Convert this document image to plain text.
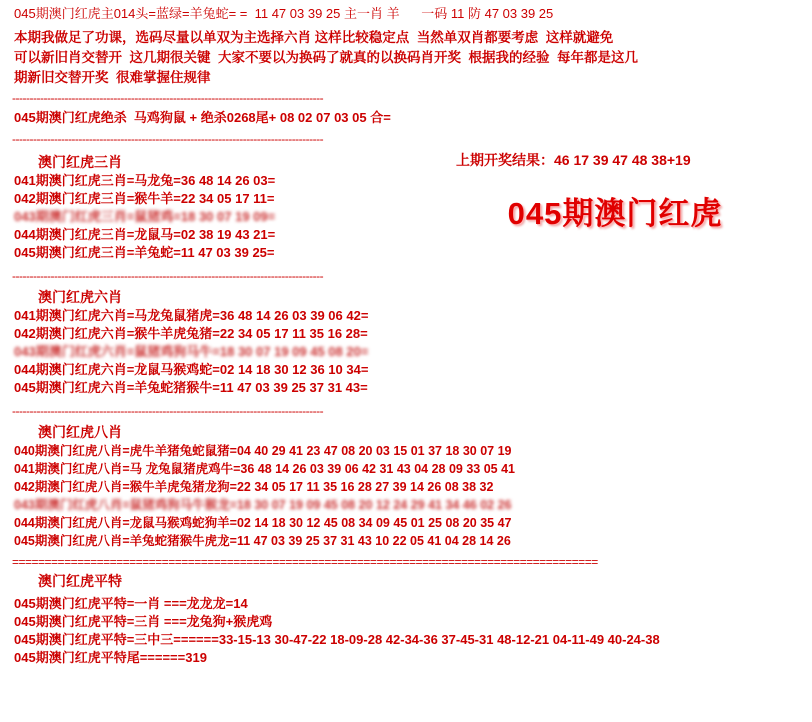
045期澳门红虎主014头=蓝绿=羊兔蛇= =  11 47 03 39 25 主一肖 羊      一码 11 防 47 03 39 25
本期我做足了功课，选码尽量以单双为主选择六肖 这样比较稳定点  当然单双肖都要考虑  这样就避免
可以新旧肖交替开  这几期很关键  大家不要以为换码了就真的以换码肖开奖  根据我的经验  每年都是这几
期新旧交替开奖  很难掌握住规律
-----------------------------------------------------------------------------------------
045期澳门红虎绝杀  马鸡狗鼠 + 绝杀0268尾+ 08 02 07 03 05 合=
-----------------------------------------------------------------------------------------
上期开奖结果：46 17 39 47 48 38+19
045期澳门红虎
澳门红虎三肖
041期澳门红虎三肖=马龙兔=36 48 14 26 03=
042期澳门红虎三肖=猴牛羊=22 34 05 17 11=
043期澳门红虎三肖=鼠猪鸡=18 30 07 19 09=
044期澳门红虎三肖=龙鼠马=02 38 19 43 21=
045期澳门红虎三肖=羊兔蛇=11 47 03 39 25=
-----------------------------------------------------------------------------------------
澳门红虎六肖
041期澳门红虎六肖=马龙兔鼠猪虎=36 48 14 26 03 39 06 42=
042期澳门红虎六肖=猴牛羊虎兔猪=22 34 05 17 11 35 16 28=
043期澳门红虎六肖=鼠猪鸡狗马牛=18 30 07 19 09 45 08 20=
044期澳门红虎六肖=龙鼠马猴鸡蛇=02 14 18 30 12 36 10 34=
045期澳门红虎六肖=羊兔蛇猪猴牛=11 47 03 39 25 37 31 43=
-----------------------------------------------------------------------------------------
澳门红虎八肖
040期澳门红虎八肖=虎牛羊猪兔蛇鼠猪=04 40 29 41 23 47 08 20 03 15 01 37 18 30 07 19
041期澳门红虎八肖=马 龙兔鼠猪虎鸡牛=36 48 14 26 03 39 06 42 31 43 04 28 09 33 05 41
042期澳门红虎八肖=猴牛羊虎兔猪龙狗=22 34 05 17 11 35 16 28 27 39 14 26 08 38 32
043期澳门红虎八肖=鼠猪鸡狗马牛猴龙=18 30 07 19 09 45 08 20 12 24 29 41 34 46 02 26
044期澳门红虎八肖=龙鼠马猴鸡蛇狗羊=02 14 18 30 12 45 08 34 09 45 01 25 08 20 35 47
045期澳门红虎八肖=羊兔蛇猪猴牛虎龙=11 47 03 39 25 37 31 43 10 22 05 41 04 28 14 26
==========================================================================================
澳门红虎平特
045期澳门红虎平特=一肖 ===龙龙龙=14
045期澳门红虎平特=三肖 ===龙兔狗+猴虎鸡
045期澳门红虎平特=三中三======33-15-13 30-47-22 18-09-28 42-34-36 37-45-31 48-12-21 04-11-49 40-24-38
045期澳门红虎平特尾======319
